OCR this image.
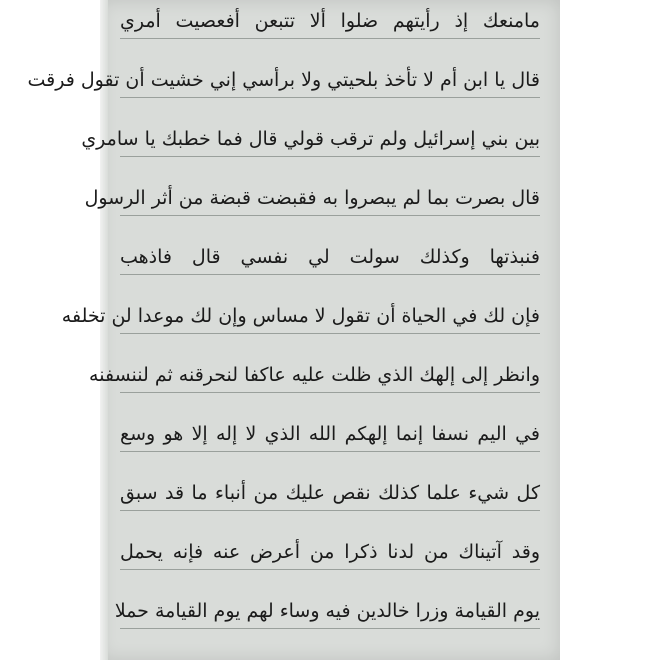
مامنعك إذ رأيتهم ضلوا ألا تتبعن أفعصيت أمري
قال يا ابن أم لا تأخذ بلحيتي ولا برأسي إني خشيت أن تقول فرقت
بين بني إسرائيل ولم ترقب قولي قال فما خطبك يا سامري
قال بصرت بما لم يبصروا به فقبضت قبضة من أثر الرسول
فنبذتها وكذلك سولت لي نفسي قال فاذهب
فإن لك في الحياة أن تقول لا مساس وإن لك موعدا لن تخلفه
وانظر إلى إلهك الذي ظلت عليه عاكفا لنحرقنه ثم لننسفنه
في اليم نسفا إنما إلهكم الله الذي لا إله إلا هو وسع
كل شيء علما كذلك نقص عليك من أنباء ما قد سبق
وقد آتيناك من لدنا ذكرا من أعرض عنه فإنه يحمل
يوم القيامة وزرا خالدين فيه وساء لهم يوم القيامة حملا
